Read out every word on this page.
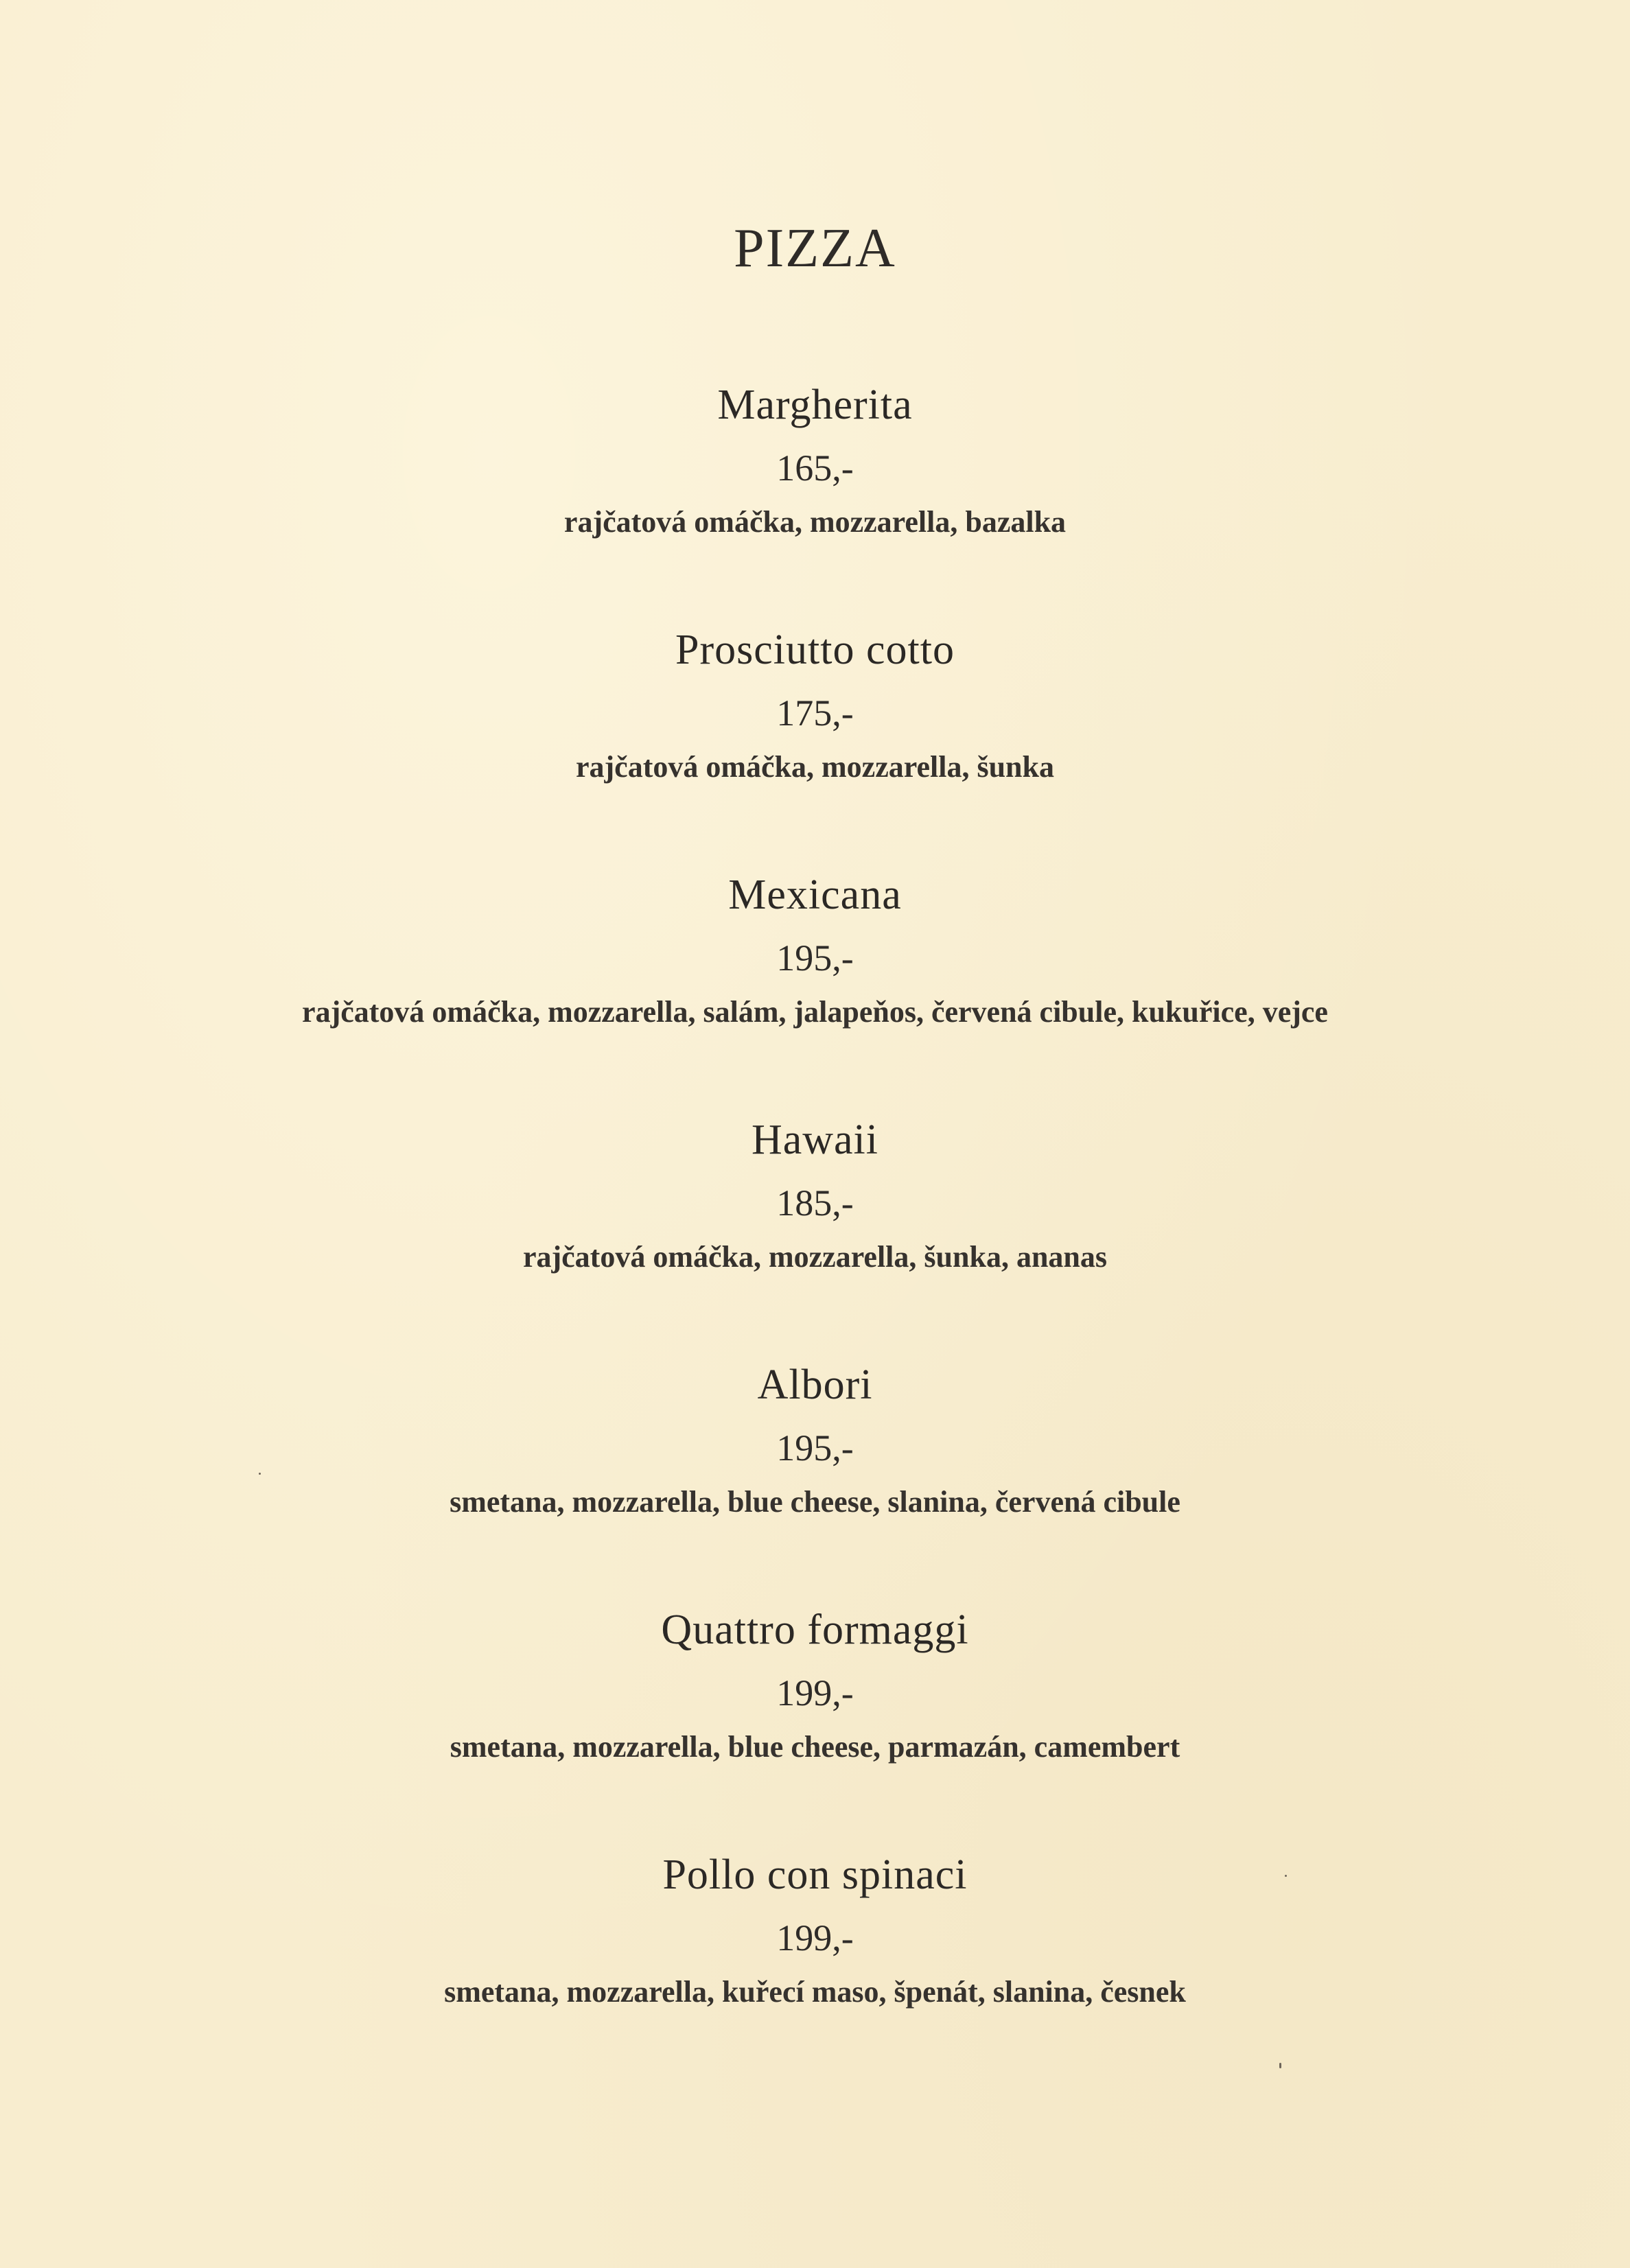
PIZZA
Margherita
165,-
rajčatová omáčka, mozzarella, bazalka
Prosciutto cotto
175,-
rajčatová omáčka, mozzarella, šunka
Mexicana
195,-
rajčatová omáčka, mozzarella, salám, jalapeňos, červená cibule, kukuřice, vejce
Hawaii
185,-
rajčatová omáčka, mozzarella, šunka, ananas
Albori
195,-
smetana, mozzarella, blue cheese, slanina, červená cibule
Quattro formaggi
199,-
smetana, mozzarella, blue cheese, parmazán, camembert
Pollo con spinaci
199,-
smetana, mozzarella, kuřecí maso, špenát, slanina, česnek
